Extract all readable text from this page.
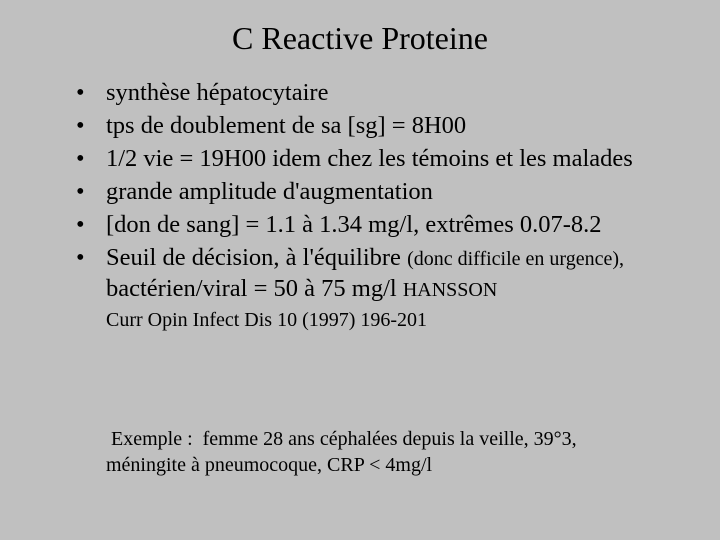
C Reactive Proteine
• synthèse hépatocytaire
• tps de doublement de sa [sg] = 8H00
• 1/2 vie = 19H00 idem chez les témoins et les malades
• grande amplitude d'augmentation
• [don de sang] = 1.1 à 1.34 mg/l, extrêmes 0.07-8.2
• Seuil de décision, à l'équilibre (donc difficile en urgence), bactérien/viral = 50 à 75 mg/l HANSSON
Curr Opin Infect Dis 10 (1997) 196-201
Exemple :  femme 28 ans céphalées depuis la veille, 39°3,
méningite à pneumocoque, CRP < 4mg/l
